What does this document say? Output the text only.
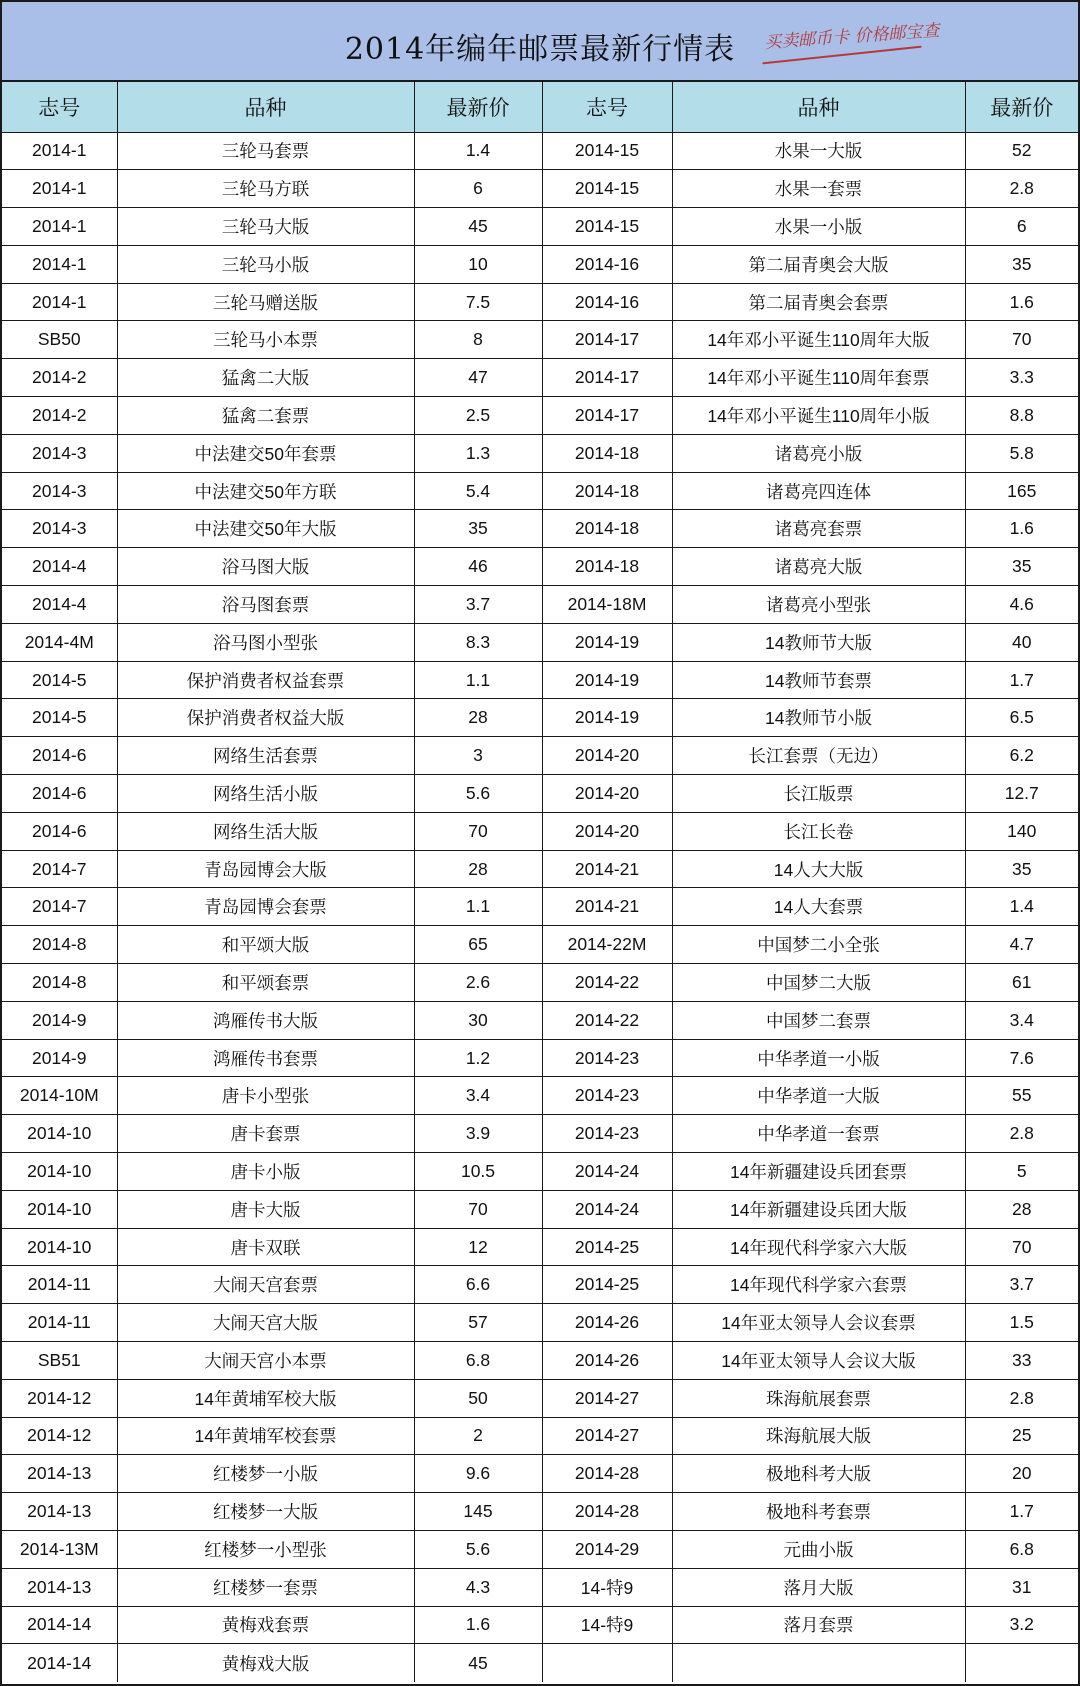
2014年编年邮票最新行情表	买卖邮币卡 价格邮宝查
志号	品种	最新价	志号	品种	最新价
2014-1	三轮马套票	1.4	2014-15	水果一大版	52
2014-1	三轮马方联	6	2014-15	水果一套票	2.8
2014-1	三轮马大版	45	2014-15	水果一小版	6
2014-1	三轮马小版	10	2014-16	第二届青奥会大版	35
2014-1	三轮马赠送版	7.5	2014-16	第二届青奥会套票	1.6
SB50	三轮马小本票	8	2014-17	14年邓小平诞生110周年大版	70
2014-2	猛禽二大版	47	2014-17	14年邓小平诞生110周年套票	3.3
2014-2	猛禽二套票	2.5	2014-17	14年邓小平诞生110周年小版	8.8
2014-3	中法建交50年套票	1.3	2014-18	诸葛亮小版	5.8
2014-3	中法建交50年方联	5.4	2014-18	诸葛亮四连体	165
2014-3	中法建交50年大版	35	2014-18	诸葛亮套票	1.6
2014-4	浴马图大版	46	2014-18	诸葛亮大版	35
2014-4	浴马图套票	3.7	2014-18M	诸葛亮小型张	4.6
2014-4M	浴马图小型张	8.3	2014-19	14教师节大版	40
2014-5	保护消费者权益套票	1.1	2014-19	14教师节套票	1.7
2014-5	保护消费者权益大版	28	2014-19	14教师节小版	6.5
2014-6	网络生活套票	3	2014-20	长江套票（无边）	6.2
2014-6	网络生活小版	5.6	2014-20	长江版票	12.7
2014-6	网络生活大版	70	2014-20	长江长卷	140
2014-7	青岛园博会大版	28	2014-21	14人大大版	35
2014-7	青岛园博会套票	1.1	2014-21	14人大套票	1.4
2014-8	和平颂大版	65	2014-22M	中国梦二小全张	4.7
2014-8	和平颂套票	2.6	2014-22	中国梦二大版	61
2014-9	鸿雁传书大版	30	2014-22	中国梦二套票	3.4
2014-9	鸿雁传书套票	1.2	2014-23	中华孝道一小版	7.6
2014-10M	唐卡小型张	3.4	2014-23	中华孝道一大版	55
2014-10	唐卡套票	3.9	2014-23	中华孝道一套票	2.8
2014-10	唐卡小版	10.5	2014-24	14年新疆建设兵团套票	5
2014-10	唐卡大版	70	2014-24	14年新疆建设兵团大版	28
2014-10	唐卡双联	12	2014-25	14年现代科学家六大版	70
2014-11	大闹天宫套票	6.6	2014-25	14年现代科学家六套票	3.7
2014-11	大闹天宫大版	57	2014-26	14年亚太领导人会议套票	1.5
SB51	大闹天宫小本票	6.8	2014-26	14年亚太领导人会议大版	33
2014-12	14年黄埔军校大版	50	2014-27	珠海航展套票	2.8
2014-12	14年黄埔军校套票	2	2014-27	珠海航展大版	25
2014-13	红楼梦一小版	9.6	2014-28	极地科考大版	20
2014-13	红楼梦一大版	145	2014-28	极地科考套票	1.7
2014-13M	红楼梦一小型张	5.6	2014-29	元曲小版	6.8
2014-13	红楼梦一套票	4.3	14-特9	落月大版	31
2014-14	黄梅戏套票	1.6	14-特9	落月套票	3.2
2014-14	黄梅戏大版	45			
